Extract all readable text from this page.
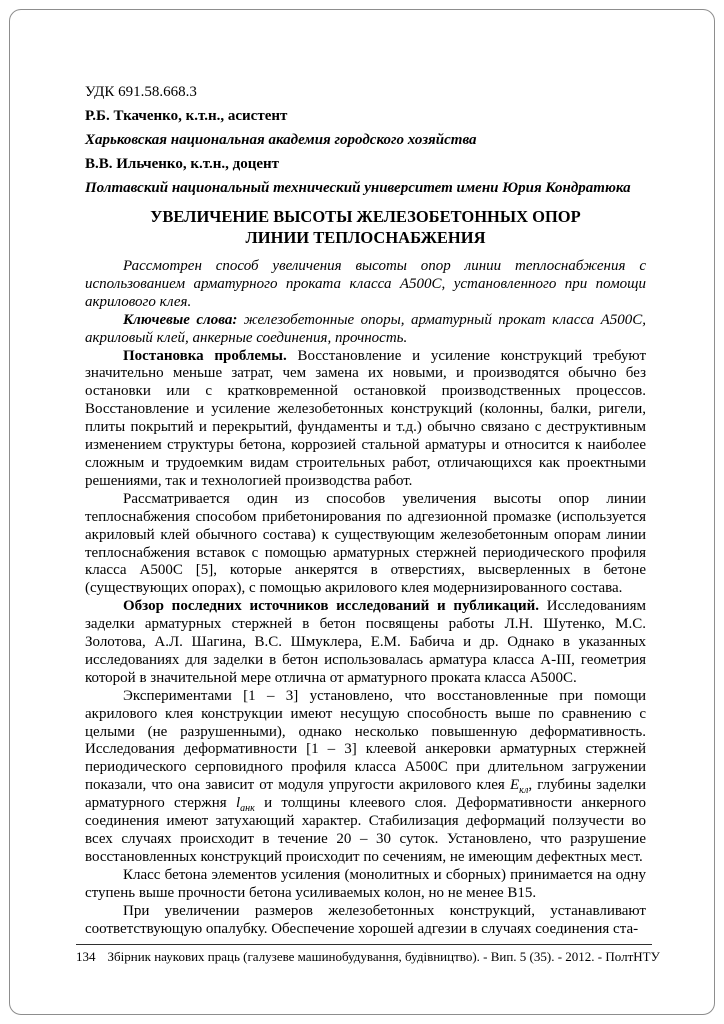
УДК 691.58.668.3

Р.Б. Ткаченко, к.т.н., асистент

Харьковская национальная академия городского хозяйства

В.В. Ильченко, к.т.н., доцент

Полтавский национальный технический университет имени Юрия Кондратюка

УВЕЛИЧЕНИЕ ВЫСОТЫ ЖЕЛЕЗОБЕТОННЫХ ОПОР
ЛИНИИ ТЕПЛОСНАБЖЕНИЯ

Рассмотрен способ увеличения высоты опор линии теплоснабжения с использованием арматурного проката класса А500С, установленного при помощи акрилового клея.

Ключевые слова: железобетонные опоры, арматурный прокат класса А500С, акриловый клей, анкерные соединения, прочность.

Постановка проблемы. Восстановление и усиление конструкций требуют значительно меньше затрат, чем замена их новыми, и производятся обычно без остановки или с кратковременной остановкой производственных процессов. Восстановление и усиление железобетонных конструкций (колонны, балки, ригели, плиты покрытий и перекрытий, фундаменты и т.д.) обычно связано с деструктивным изменением структуры бетона, коррозией стальной арматуры и относится к наиболее сложным и трудоемким видам строительных работ, отличающихся как проектными решениями, так и технологией производства работ.

Рассматривается один из способов увеличения высоты опор линии теплоснабжения способом прибетонирования по адгезионной промазке (используется акриловый клей обычного состава) к существующим железобетонным опорам линии теплоснабжения вставок с помощью арматурных стержней периодического профиля класса А500С [5], которые анкерятся в отверстиях, высверленных в бетоне (существующих опорах), с помощью акрилового клея модернизированного состава.

Обзор последних источников исследований и публикаций. Исследованиям заделки арматурных стержней в бетон посвящены работы Л.Н. Шутенко, М.С. Золотова, А.Л. Шагина, В.С. Шмуклера, Е.М. Бабича и др. Однако в указанных исследованиях для заделки в бетон использовалась арматура класса А-III, геометрия которой в значительной мере отлична от арматурного проката класса А500С.

Экспериментами [1 – 3] установлено, что восстановленные при помощи акрилового клея конструкции имеют несущую способность выше по сравнению с целыми (не разрушенными), однако несколько повышенную деформативность. Исследования деформативности [1 – 3] клеевой анкеровки арматурных стержней периодического серповидного профиля класса А500С при длительном загружении показали, что она зависит от модуля упругости акрилового клея $Е_{кл}$, глубины заделки арматурного стержня $l_{анк}$ и толщины клеевого слоя. Деформативности анкерного соединения имеют затухающий характер. Стабилизация деформаций ползучести во всех случаях происходит в течение 20 – 30 суток. Установлено, что разрушение восстановленных конструкций происходит по сечениям, не имеющим дефектных мест.

Класс бетона элементов усиления (монолитных и сборных) принимается на одну ступень выше прочности бетона усиливаемых колон, но не менее В15.

При увеличении размеров железобетонных конструкций, устанавливают соответствующую опалубку. Обеспечение хорошей адгезии в случаях соединения ста-

134 Збірник наукових праць (галузеве машинобудування, будівництво). - Вип. 5 (35). - 2012. - ПолтНТУ
